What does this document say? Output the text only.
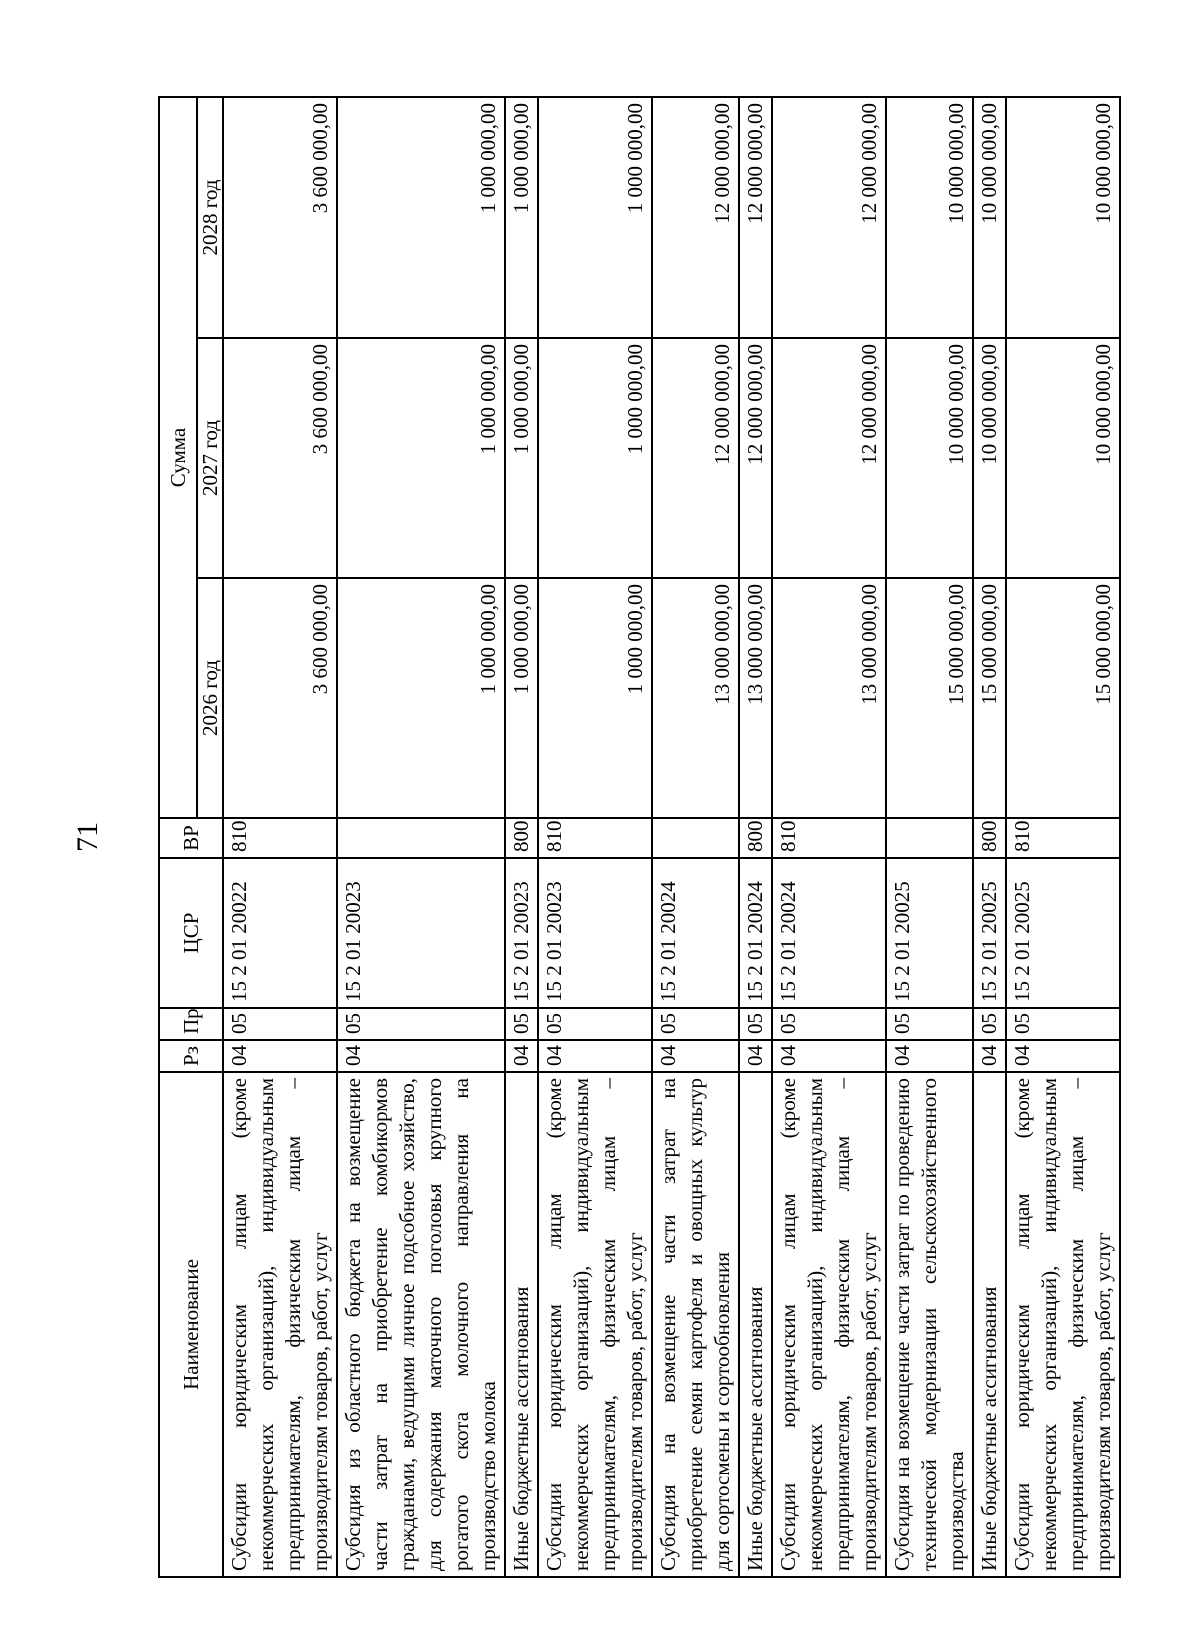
71
Наименование	Рз	Пр	ЦСР	ВР	Сумма		
					2026 год	2027 год	2028 год
Субсидии юридическим лицам (кроме некоммерческих организаций), индивидуальным предпринимателям, физическим лицам – производителям товаров, работ, услуг	04	05	15 2 01 20022	810	3 600 000,00	3 600 000,00	3 600 000,00
Субсидия из областного бюджета на возмещение части затрат на приобретение комбикормов гражданами, ведущими личное подсобное хозяйство, для содержания маточного поголовья крупного рогатого скота молочного направления на производство молока	04	05	15 2 01 20023		1 000 000,00	1 000 000,00	1 000 000,00
Иные бюджетные ассигнования	04	05	15 2 01 20023	800	1 000 000,00	1 000 000,00	1 000 000,00
Субсидии юридическим лицам (кроме некоммерческих организаций), индивидуальным предпринимателям, физическим лицам – производителям товаров, работ, услуг	04	05	15 2 01 20023	810	1 000 000,00	1 000 000,00	1 000 000,00
Субсидия на возмещение части затрат на приобретение семян картофеля и овощных культур для сортосмены и сортообновления	04	05	15 2 01 20024		13 000 000,00	12 000 000,00	12 000 000,00
Иные бюджетные ассигнования	04	05	15 2 01 20024	800	13 000 000,00	12 000 000,00	12 000 000,00
Субсидии юридическим лицам (кроме некоммерческих организаций), индивидуальным предпринимателям, физическим лицам – производителям товаров, работ, услуг	04	05	15 2 01 20024	810	13 000 000,00	12 000 000,00	12 000 000,00
Субсидия на возмещение части затрат по проведению технической модернизации сельскохозяйственного производства	04	05	15 2 01 20025		15 000 000,00	10 000 000,00	10 000 000,00
Иные бюджетные ассигнования	04	05	15 2 01 20025	800	15 000 000,00	10 000 000,00	10 000 000,00
Субсидии юридическим лицам (кроме некоммерческих организаций), индивидуальным предпринимателям, физическим лицам – производителям товаров, работ, услуг	04	05	15 2 01 20025	810	15 000 000,00	10 000 000,00	10 000 000,00
